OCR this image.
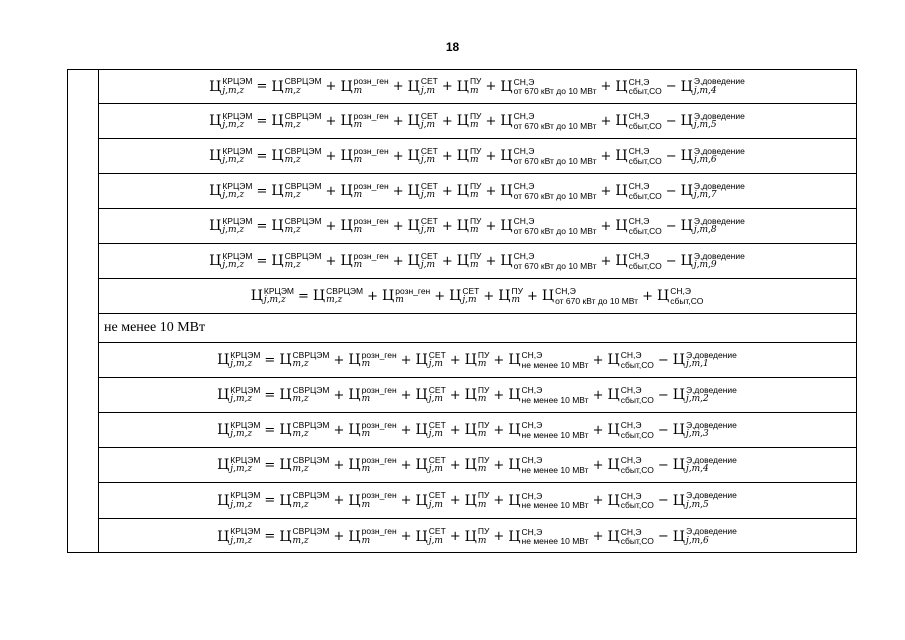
18
Ц КРЦЭМ
j,m,z = Ц СВРЦЭМ
m,z	+ Ц розн_ген
m	+ Ц СЕТ
j,m + Ц ПУ
m + Ц СН,Э
от 670 кВт до 10 МВт + Ц СН,Э
сбыт,СО − Ц Э,доведение
j,m,4
Ц КРЦЭМ
j,m,z = Ц СВРЦЭМ
m,z	+ Ц розн_ген
m	+ Ц СЕТ
j,m + Ц ПУ
m + Ц СН,Э
от 670 кВт до 10 МВт + Ц СН,Э
сбыт,СО − Ц Э,доведение
j,m,5
Ц КРЦЭМ
j,m,z = Ц СВРЦЭМ
m,z	+ Ц розн_ген
m	+ Ц СЕТ
j,m + Ц ПУ
m + Ц СН,Э
от 670 кВт до 10 МВт + Ц СН,Э
сбыт,СО − Ц Э,доведение
j,m,6
Ц КРЦЭМ
j,m,z = Ц СВРЦЭМ
m,z	+ Ц розн_ген
m	+ Ц СЕТ
j,m + Ц ПУ
m + Ц СН,Э
от 670 кВт до 10 МВт + Ц СН,Э
сбыт,СО − Ц Э,доведение
j,m,7
Ц КРЦЭМ
j,m,z = Ц СВРЦЭМ
m,z	+ Ц розн_ген
m	+ Ц СЕТ
j,m + Ц ПУ
m + Ц СН,Э
от 670 кВт до 10 МВт + Ц СН,Э
сбыт,СО − Ц Э,доведение
j,m,8
Ц КРЦЭМ
j,m,z = Ц СВРЦЭМ
m,z	+ Ц розн_ген
m	+ Ц СЕТ
j,m + Ц ПУ
m + Ц СН,Э
от 670 кВт до 10 МВт + Ц СН,Э
сбыт,СО − Ц Э,доведение
j,m,9
Ц КРЦЭМ
j,m,z = Ц СВРЦЭМ
m,z	+ Ц розн_ген
m	+ Ц СЕТ
j,m + Ц ПУ
m + Ц СН,Э
от 670 кВт до 10 МВт + Ц СН,Э
сбыт,СО
не менее 10 МВт
Ц КРЦЭМ
j,m,z = Ц СВРЦЭМ
m,z	+ Ц розн_ген
m	+ Ц СЕТ
j,m + Ц ПУ
m + Ц СН,Э
не менее 10 МВт + Ц СН,Э
сбыт,СО − Ц Э,доведение
j,m,1
Ц КРЦЭМ
j,m,z = Ц СВРЦЭМ
m,z	+ Ц розн_ген
m	+ Ц СЕТ
j,m + Ц ПУ
m + Ц СН,Э
не менее 10 МВт + Ц СН,Э
сбыт,СО − Ц Э,доведение
j,m,2
Ц КРЦЭМ
j,m,z = Ц СВРЦЭМ
m,z	+ Ц розн_ген
m	+ Ц СЕТ
j,m + Ц ПУ
m + Ц СН,Э
не менее 10 МВт + Ц СН,Э
сбыт,СО − Ц Э,доведение
j,m,3
Ц КРЦЭМ
j,m,z = Ц СВРЦЭМ
m,z	+ Ц розн_ген
m	+ Ц СЕТ
j,m + Ц ПУ
m + Ц СН,Э
не менее 10 МВт + Ц СН,Э
сбыт,СО − Ц Э,доведение
j,m,4
Ц КРЦЭМ
j,m,z = Ц СВРЦЭМ
m,z	+ Ц розн_ген
m	+ Ц СЕТ
j,m + Ц ПУ
m + Ц СН,Э
не менее 10 МВт + Ц СН,Э
сбыт,СО − Ц Э,доведение
j,m,5
Ц КРЦЭМ
j,m,z = Ц СВРЦЭМ
m,z	+ Ц розн_ген
m	+ Ц СЕТ
j,m + Ц ПУ
m + Ц СН,Э
не менее 10 МВт + Ц СН,Э
сбыт,СО − Ц Э,доведение
j,m,6
